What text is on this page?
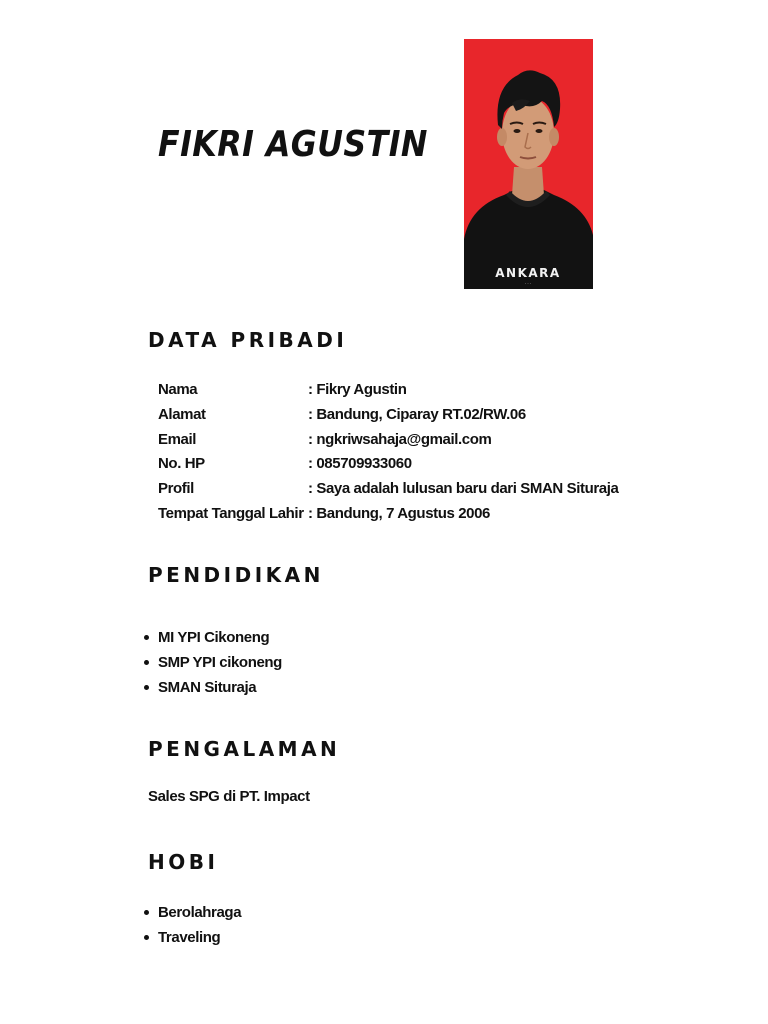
FIKRI AGUSTIN
ANKARA
· · ·
DATA PRIBADI
Nama	: Fikry Agustin
Alamat	: Bandung, Ciparay RT.02/RW.06
Email	: ngkriwsahaja@gmail.com
No. HP	: 085709933060
Profil	: Saya adalah lulusan baru dari SMAN Situraja
Tempat Tanggal Lahir : Bandung, 7 Agustus 2006
PENDIDIKAN
MI YPI Cikoneng
SMP YPI cikoneng
SMAN Situraja
PENGALAMAN

Sales SPG di PT. Impact

HOBI
Berolahraga
Traveling
